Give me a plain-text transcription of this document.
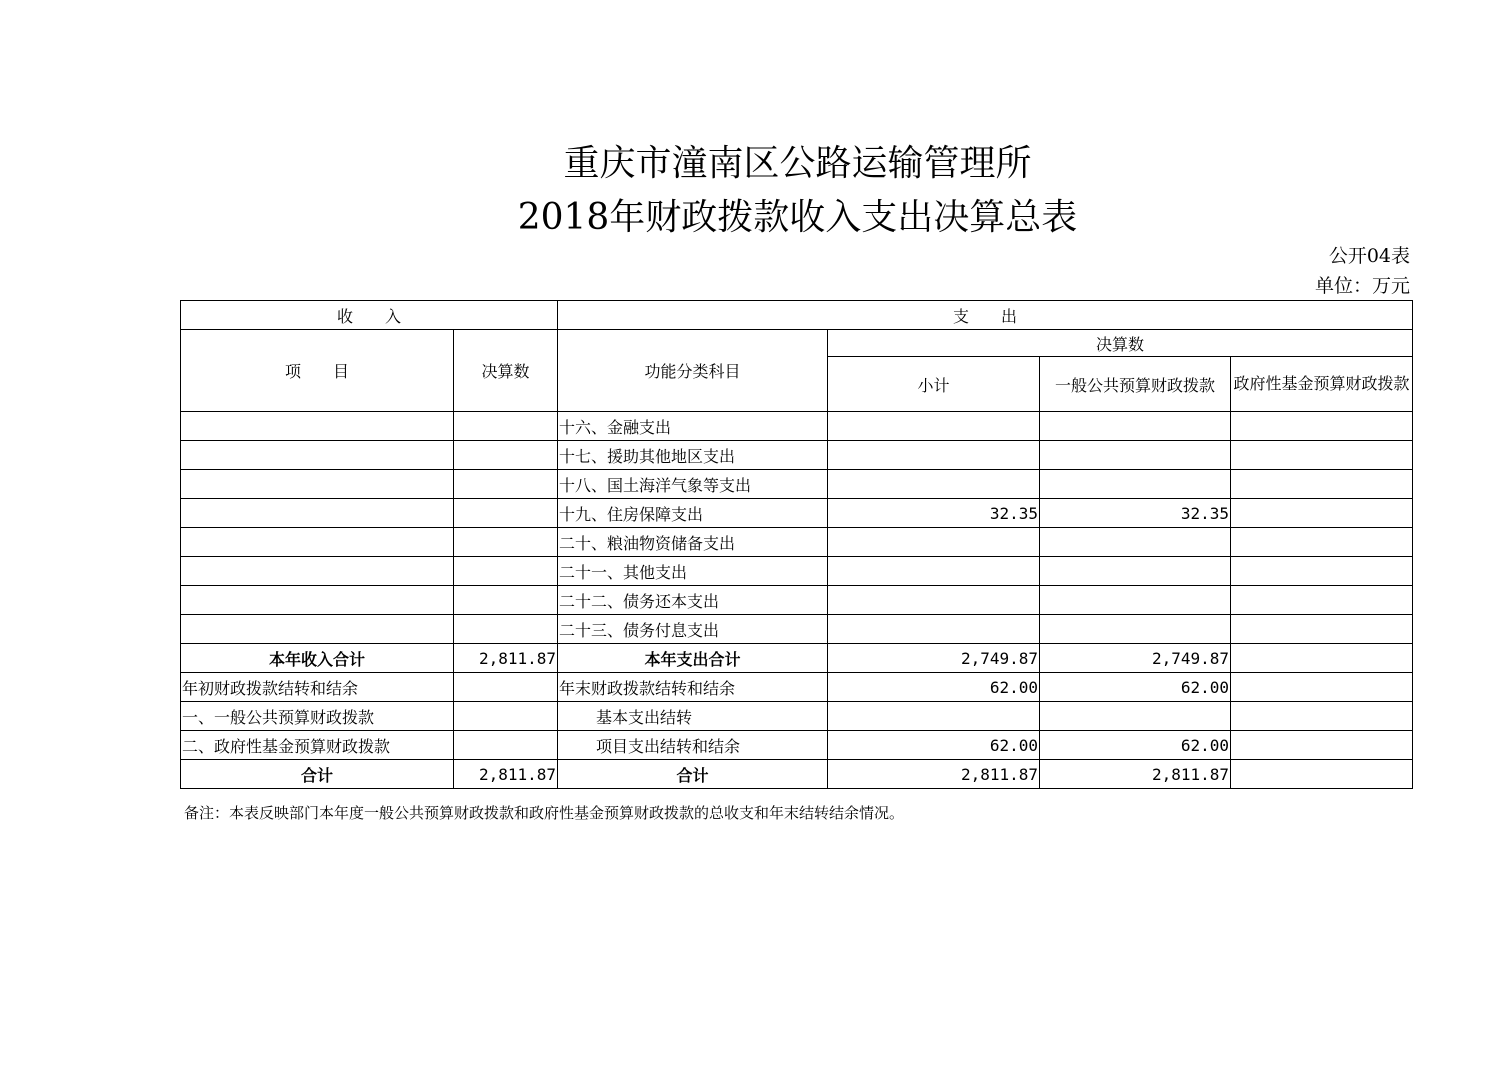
重庆市潼南区公路运输管理所
2018年财政拨款收入支出决算总表
公开04表
单位：万元
收　　入		支　　出			
项　　目	决算数	功能分类科目	决算数		
			小计	一般公共预算财政拨款	政府性基金预算财政拨款
		十六、金融支出			
		十七、援助其他地区支出			
		十八、国土海洋气象等支出			
		十九、住房保障支出	32.35	32.35	
		二十、粮油物资储备支出			
		二十一、其他支出			
		二十二、债务还本支出			
		二十三、债务付息支出			
本年收入合计	2,811.87	本年支出合计	2,749.87	2,749.87	
年初财政拨款结转和结余		年末财政拨款结转和结余	62.00	62.00	
一、一般公共预算财政拨款		基本支出结转			
二、政府性基金预算财政拨款		项目支出结转和结余	62.00	62.00	
合计	2,811.87	合计	2,811.87	2,811.87	
备注：本表反映部门本年度一般公共预算财政拨款和政府性基金预算财政拨款的总收支和年末结转结余情况。
